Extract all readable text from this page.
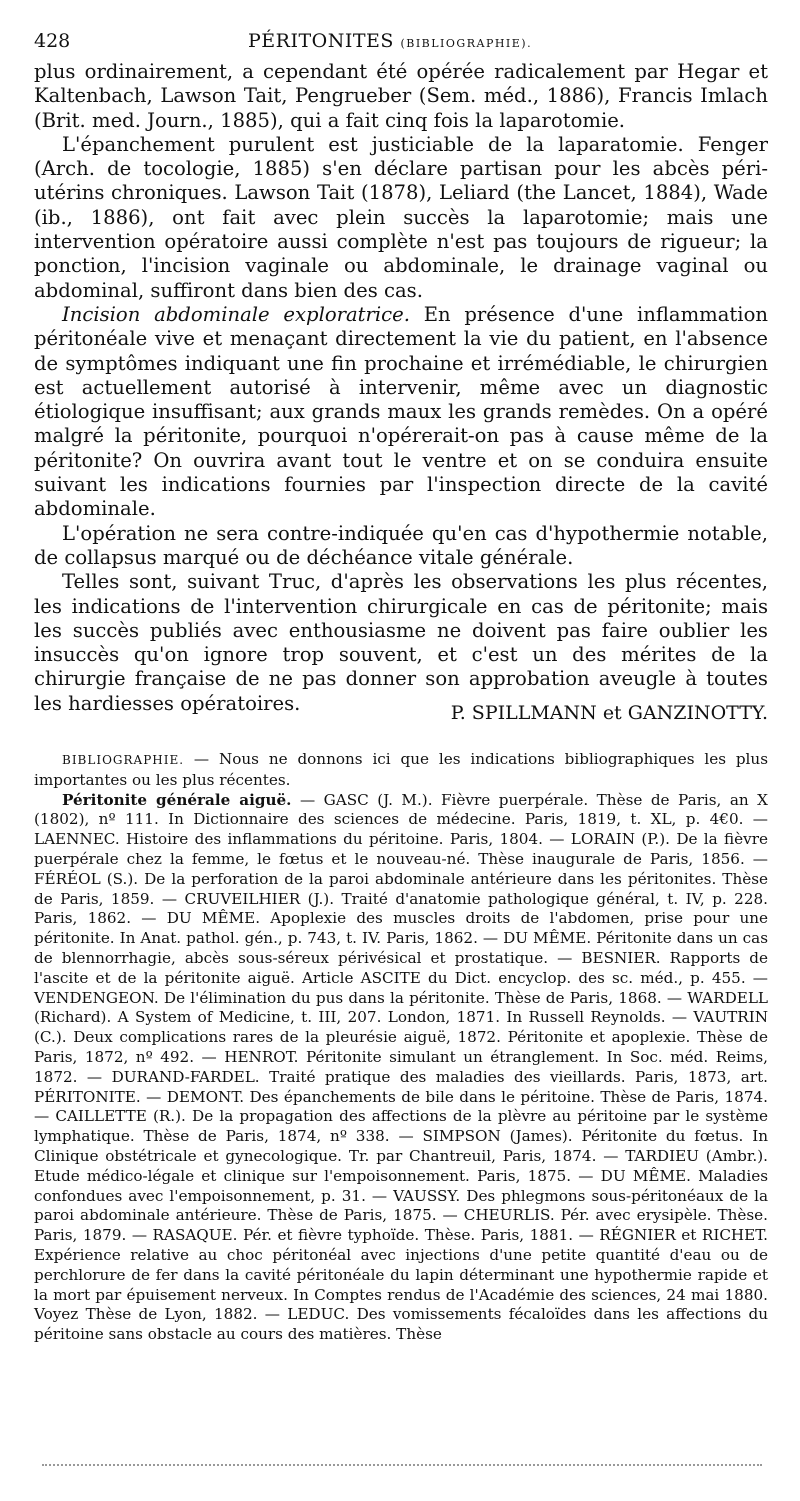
428	PÉRITONITES (BIBLIOGRAPHIE).

plus ordinairement, a cependant été opérée radicalement par Hegar et Kaltenbach, Lawson Tait, Pengrueber (Sem. méd., 1886), Francis Imlach (Brit. med. Journ., 1885), qui a fait cinq fois la laparotomie.

L'épanchement purulent est justiciable de la laparatomie. Fenger (Arch. de tocologie, 1885) s'en déclare partisan pour les abcès péri-utérins chroniques. Lawson Tait (1878), Leliard (the Lancet, 1884), Wade (ib., 1886), ont fait avec plein succès la laparotomie; mais une intervention opératoire aussi complète n'est pas toujours de rigueur; la ponction, l'incision vaginale ou abdominale, le drainage vaginal ou abdominal, suffiront dans bien des cas.

Incision abdominale exploratrice. En présence d'une inflammation péritonéale vive et menaçant directement la vie du patient, en l'absence de symptômes indiquant une fin prochaine et irrémédiable, le chirurgien est actuellement autorisé à intervenir, même avec un diagnostic étiologique insuffisant; aux grands maux les grands remèdes. On a opéré malgré la péritonite, pourquoi n'opérerait-on pas à cause même de la péritonite? On ouvrira avant tout le ventre et on se conduira ensuite suivant les indications fournies par l'inspection directe de la cavité abdominale.

L'opération ne sera contre-indiquée qu'en cas d'hypothermie notable, de collapsus marqué ou de déchéance vitale générale.

Telles sont, suivant Truc, d'après les observations les plus récentes, les indications de l'intervention chirurgicale en cas de péritonite; mais les succès publiés avec enthousiasme ne doivent pas faire oublier les insuccès qu'on ignore trop souvent, et c'est un des mérites de la chirurgie française de ne pas donner son approbation aveugle à toutes les hardiesses opératoires.	P. SPILLMANN et GANZINOTTY.

BIBLIOGRAPHIE. — Nous ne donnons ici que les indications bibliographiques les plus importantes ou les plus récentes.

Péritonite générale aiguë. — GASC (J. M.). Fièvre puerpérale. Thèse de Paris, an X (1802), nº 111. In Dictionnaire des sciences de médecine. Paris, 1819, t. XL, p. 4€0. — LAENNEC. Histoire des inflammations du péritoine. Paris, 1804. — LORAIN (P.). De la fièvre puerpérale chez la femme, le fœtus et le nouveau-né. Thèse inaugurale de Paris, 1856. — FÉRÉOL (S.). De la perforation de la paroi abdominale antérieure dans les péritonites. Thèse de Paris, 1859. — CRUVEILHIER (J.). Traité d'anatomie pathologique général, t. IV, p. 228. Paris, 1862. — DU MÊME. Apoplexie des muscles droits de l'abdomen, prise pour une péritonite. In Anat. pathol. gén., p. 743, t. IV. Paris, 1862. — DU MÊME. Péritonite dans un cas de blennorrhagie, abcès sous-séreux périvésical et prostatique. — BESNIER. Rapports de l'ascite et de la péritonite aiguë. Article ASCITE du Dict. encyclop. des sc. méd., p. 455. — VENDENGEON. De l'élimination du pus dans la péritonite. Thèse de Paris, 1868. — WARDELL (Richard). A System of Medicine, t. III, 207. London, 1871. In Russell Reynolds. — VAUTRIN (C.). Deux complications rares de la pleurésie aiguë, 1872. Péritonite et apoplexie. Thèse de Paris, 1872, nº 492. — HENROT. Péritonite simulant un étranglement. In Soc. méd. Reims, 1872. — DURAND-FARDEL. Traité pratique des maladies des vieillards. Paris, 1873, art. PÉRITONITE. — DEMONT. Des épanchements de bile dans le péritoine. Thèse de Paris, 1874. — CAILLETTE (R.). De la propagation des affections de la plèvre au péritoine par le système lymphatique. Thèse de Paris, 1874, nº 338. — SIMPSON (James). Péritonite du fœtus. In Clinique obstétricale et gynecologique. Tr. par Chantreuil, Paris, 1874. — TARDIEU (Ambr.). Etude médico-légale et clinique sur l'empoisonnement. Paris, 1875. — DU MÊME. Maladies confondues avec l'empoisonnement, p. 31. — VAUSSY. Des phlegmons sous-péritonéaux de la paroi abdominale antérieure. Thèse de Paris, 1875. — CHEURLIS. Pér. avec erysipèle. Thèse. Paris, 1879. — RASAQUE. Pér. et fièvre typhoïde. Thèse. Paris, 1881. — RÉGNIER et RICHET. Expérience relative au choc péritonéal avec injections d'une petite quantité d'eau ou de perchlorure de fer dans la cavité péritonéale du lapin déterminant une hypothermie rapide et la mort par épuisement nerveux. In Comptes rendus de l'Académie des sciences, 24 mai 1880. Voyez Thèse de Lyon, 1882. — LEDUC. Des vomissements fécaloïdes dans les affections du péritoine sans obstacle au cours des matières. Thèse
